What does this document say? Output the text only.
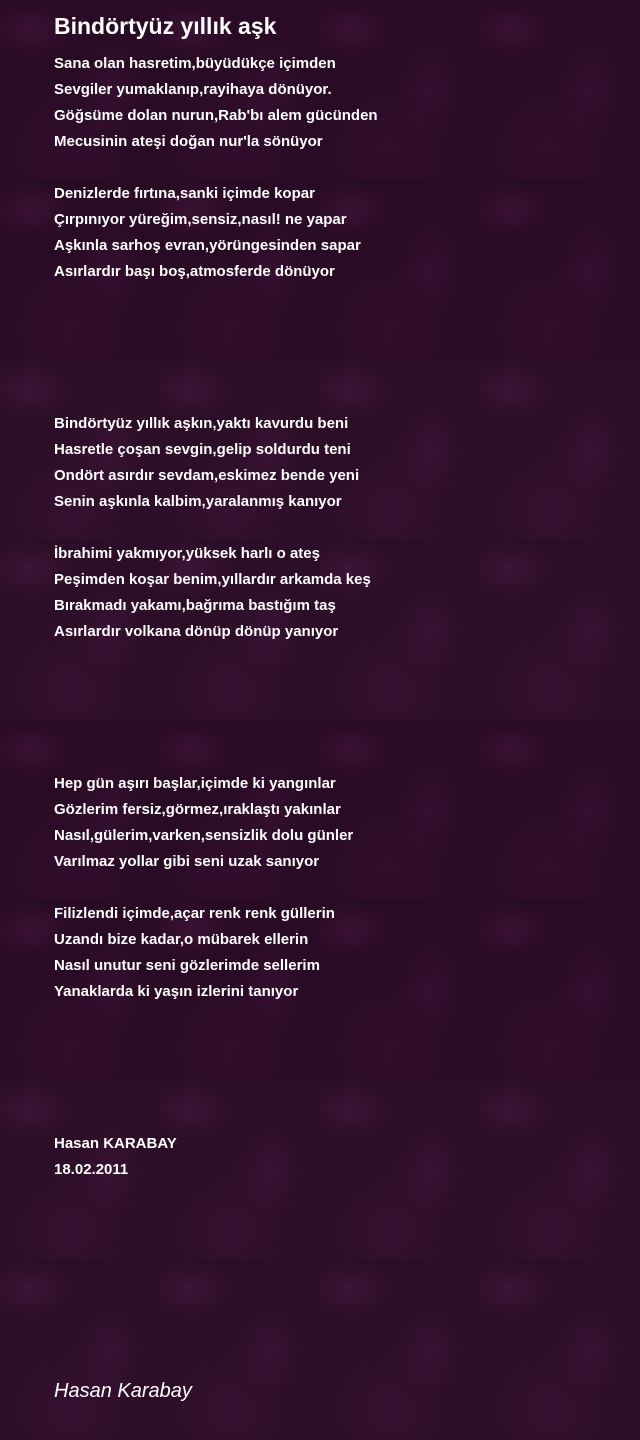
Bindörtyüz yıllık aşk
Sana olan hasretim,büyüdükçe içimden
Sevgiler yumaklanıp,rayihaya dönüyor.
Göğsüme dolan nurun,Rab'bı alem gücünden
Mecusinin ateşi doğan nur'la sönüyor
Denizlerde fırtına,sanki içimde kopar
Çırpınıyor yüreğim,sensiz,nasıl! ne yapar
Aşkınla sarhoş evran,yörüngesinden sapar
Asırlardır başı boş,atmosferde dönüyor
Bindörtyüz yıllık aşkın,yaktı kavurdu beni
Hasretle çoşan sevgin,gelip soldurdu teni
Ondört asırdır sevdam,eskimez bende yeni
Senin aşkınla kalbim,yaralanmış kanıyor
İbrahimi yakmıyor,yüksek harlı o ateş
Peşimden koşar benim,yıllardır arkamda keş
Bırakmadı yakamı,bağrıma bastığım taş
Asırlardır volkana dönüp dönüp yanıyor
Hep gün aşırı başlar,içimde ki yangınlar
Gözlerim fersiz,görmez,ıraklaştı yakınlar
Nasıl,gülerim,varken,sensizlik dolu günler
Varılmaz yollar gibi seni uzak sanıyor
Filizlendi içimde,açar renk renk güllerin
Uzandı bize kadar,o mübarek ellerin
Nasıl unutur seni gözlerimde sellerim
Yanaklarda ki yaşın izlerini tanıyor
Hasan KARABAY
18.02.2011
Hasan Karabay
